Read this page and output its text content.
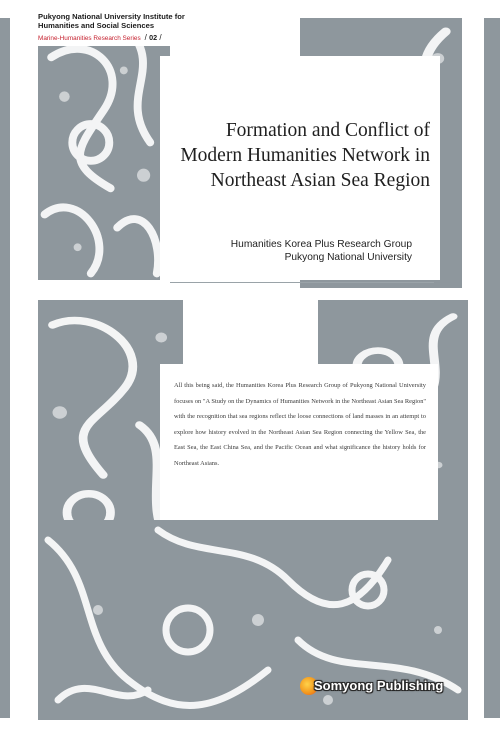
Pukyong National University Institute for Humanities and Social Sciences
Marine-Humanities Research Series  / 02 /
Formation and Conflict of Modern Humanities Network in Northeast Asian Sea Region
Humanities Korea Plus Research Group
Pukyong National University

All this being said, the Humanities Korea Plus Research Group of Pukyong National University focuses on "A Study on the Dynamics of Humanities Network in the Northeast Asian Sea Region" with the recognition that sea regions reflect the loose connections of land masses in an attempt to explore how history evolved in the Northeast Asian Sea Region connecting the Yellow Sea, the East Sea, the East China Sea, and the Pacific Ocean and what significance the history holds for Northeast Asians.

Somyong Publishing
